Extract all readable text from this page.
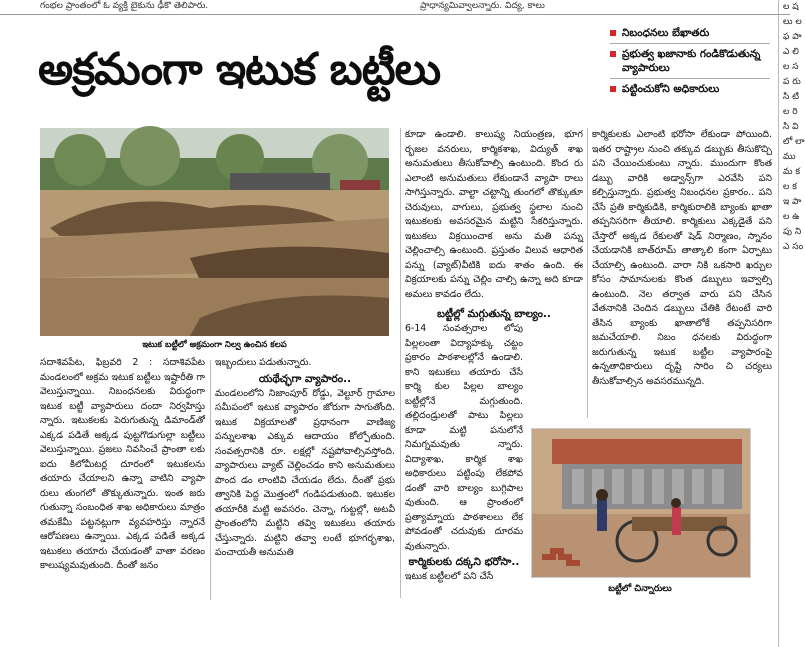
గంభల ప్రాంతంలో ఓ వ్యక్తి బైకును ఢీకొ తెలిపారు.	ప్రాధాన్యమివ్వాలన్నారు. విద్య, కాలు
అక్రమంగా ఇటుక బట్టీలు
నిబంధనలు బేఖాతరు
ప్రభుత్వ ఖజానాకు గండికొడుతున్న వ్యాపారులు
పట్టించుకోని అధికారులు
ల ష లు ల ఫ పా ఎ లి ల స ప రు సి టి ల రి సి వి లో లా ము మ క ల క ఇ పా ల ఉ పు ని ఎ సం
ఇటుక బట్టీలో అక్రమంగా నిల్వ ఉంచిన కలప
సదాశివపేట, ఫిబ్రవరి 2 : సదాశివపేట మండలంలో అక్రమ ఇటుక బట్టీలు ఇష్టారీతి గా వెలుస్తున్నాయి. నిబంధనలకు విరుద్ధంగా ఇటుక బట్టీ వ్యాపారులు దందా నిర్వహిస్తు న్నారు. ఇటుకలకు పెరుగుతున్న డిమాండ్‌తో ఎక్కడ పడితే అక్కడ పుట్టగొడుగుల్లా బట్టీలు వెలుస్తున్నాయి. ప్రజలు నివసించే ప్రాంతా లకు ఐదు కిలోమీటర్ల దూరంలో ఇటుకలను తయారు చేయాలని ఉన్నా వాటిని వ్యాపా రులు తుంగలో తొక్కుతున్నారు. ఇంత జరు గుతున్నా సంబంధిత శాఖ అధికారులు మాత్రం తమకేమీ పట్టనట్లుగా వ్యవహరిస్తు న్నారనే ఆరోపణలు ఉన్నాయి. ఎక్కడ పడితే అక్కడ ఇటుకలు తయారు చేయడంతో వాతా వరణం కాలుష్యమవుతుంది. దీంతో జనం
ఇబ్బందులు పడుతున్నారు.
యథేచ్ఛగా వ్యాపారం..
మండలంలోని నిజాంపూర్ రోడ్డు, వెల్టూర్ గ్రామాల సమీపంలో ఇటుక వ్యాపారం జోరుగా సాగుతోంది. ఇటుక విక్రయాలతో ప్రధానంగా వాణిజ్య పన్నులశాఖ ఎక్కువ ఆదాయం కోల్పోతుంది. సంవత్సరానికి రూ. లక్షల్లో నష్టపోవాల్సివస్తోంది. వ్యాపారులు వ్యాట్ చెల్లించడం కాని అనుమతులు పొంద డం లాంటివి చేయడం లేదు. దీంతో ప్రభు త్వానికి పెద్ద మొత్తంలో గండిపడుతుంది. ఇటుకల తయారీకి మట్టి అవసరం. చెన్నా, గుట్టల్లో, అటవీ ప్రాంతంలోని మట్టిని తవ్వి ఇటుకలు తయారు చేస్తున్నారు. మట్టిని తవ్వా లంటే భూగర్భశాఖ, పంచాయతీ అనుమతి
కూడా ఉండాలి. కాలుష్య నియంత్రణ, భూగ ర్భజల వనరులు, కార్మికశాఖ, విద్యుత్ శాఖ అనుమతులు తీసుకోవాల్సి ఉంటుంది. కొంద రు ఎలాంటి అనుమతులు లేకుండానే వ్యాపా రాలు సాగిస్తున్నారు. వాల్టా చట్టాన్ని తుంగలో తొక్కుతూ చెరువులు, వాగులు, ప్రభుత్వ స్థలాల నుంచి ఇటుకలకు అవసరమైన మట్టిని సేకరిస్తున్నారు. ఇటుకలు విక్రయించాక అను మతి పన్ను చెల్లించాల్సి ఉంటుంది. ప్రస్తుతం విలువ ఆధారిత పన్ను (వ్యాట్)వీటికి ఐదు శాతం ఉంది. ఈ విక్రయాలకు పన్ను చెల్లిం చాల్సి ఉన్నా అది కూడా అమలు కావడం లేదు.
బట్టీల్లో మగ్గుతున్న బాల్యం..
6-14 సంవత్సరాల లోపు పిల్లలంతా విద్యాహక్కు చట్టం ప్రకారం పాఠశాలల్లోనే ఉండాలి. కాని ఇటుకలు తయారు చేసే కార్మి కుల పిల్లల బాల్యం బట్టీల్లోనే మగ్గుతుంది. తల్లిదండ్రులతో పాటు పిల్లలు కూడా మట్టి పనులోనే నిమగ్నమవుతు న్నారు. విద్యాశాఖ, కార్మిక శాఖ అధికారులు పట్టింపు లేకపోవ డంతో వారి బాల్యం బుగ్గిపాల వుతుంది. ఆ ప్రాంతంలో ప్రత్యామ్నాయ పాఠశాలలు లేక పోవడంతో చదువుకు దూరమ వుతున్నారు.
కార్మికులకు దక్కని భరోసా..
ఇటుక బట్టీలలో పని చేసే
కార్మికులకు ఎలాంటి భరోసా లేకుండా పోయింది. ఇతర రాష్ట్రాల నుంచి తక్కువ డబ్బుకు తీసుకొచ్చి పని చేయించుకుంటు న్నారు. ముందుగా కొంత డబ్బు వారికి అడ్వాన్స్‌గా ఎరవేసి పని కల్పిస్తున్నారు. ప్రభుత్వ నిబంధనల ప్రకారం.. పని చేసే ప్రతి కార్మికుడికి, కార్మికురాలికి బ్యాంకు ఖాతా తప్పనిసరిగా తీయాలి. కార్మికులు ఎక్కడైతే పని చేస్తారో అక్కడ రేకులతో షెడ్ నిర్మాణం, స్నానం చేయడానికి బాత్‌రూమ్ తాత్కాలి కంగా ఏర్పాటు చేయాల్సి ఉంటుంది. వారా నికి ఒకసారి ఖర్చుల కోసం సామానులకు కొంత డబ్బులు ఇవ్వాల్సి ఉంటుంది. నెల తర్వాత వారు పని చేసిన వేతనానికి చెందిన డబ్బులు చేతికి రేటంటే వారి తేసిన బ్యాంకు ఖాతాలోకే తప్పనిసరిగా జమచేయాలి. నిబం ధనలకు విరుద్ధంగా జరుగుతున్న ఇటుక బట్టీల వ్యాపారంపై ఉన్నతాధికారులు దృష్టి సారిం చి చర్యలు తీసుకోవాల్సిన అవసరమున్నది.
బట్టీలో చిన్నారులు
